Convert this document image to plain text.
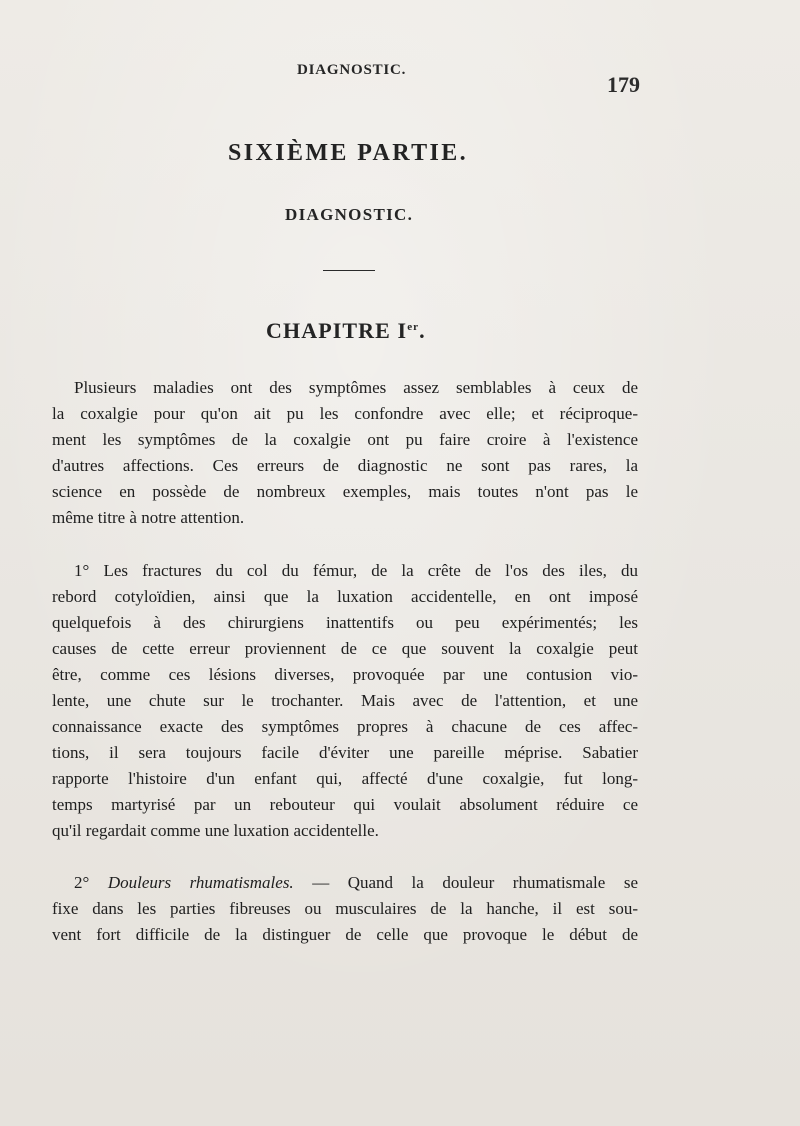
DIAGNOSTIC.
179
SIXIÈME PARTIE.
DIAGNOSTIC.
CHAPITRE Ier.
Plusieurs maladies ont des symptômes assez semblables à ceux de
la coxalgie pour qu'on ait pu les confondre avec elle; et réciproque-
ment les symptômes de la coxalgie ont pu faire croire à l'existence
d'autres affections. Ces erreurs de diagnostic ne sont pas rares, la
science en possède de nombreux exemples, mais toutes n'ont pas le
même titre à notre attention.
1° Les fractures du col du fémur, de la crête de l'os des iles, du
rebord cotyloïdien, ainsi que la luxation accidentelle, en ont imposé
quelquefois à des chirurgiens inattentifs ou peu expérimentés; les
causes de cette erreur proviennent de ce que souvent la coxalgie peut
être, comme ces lésions diverses, provoquée par une contusion vio-
lente, une chute sur le trochanter. Mais avec de l'attention, et une
connaissance exacte des symptômes propres à chacune de ces affec-
tions, il sera toujours facile d'éviter une pareille méprise. Sabatier
rapporte l'histoire d'un enfant qui, affecté d'une coxalgie, fut long-
temps martyrisé par un rebouteur qui voulait absolument réduire ce
qu'il regardait comme une luxation accidentelle.
2° Douleurs rhumatismales. — Quand la douleur rhumatismale se
fixe dans les parties fibreuses ou musculaires de la hanche, il est sou-
vent fort difficile de la distinguer de celle que provoque le début de
